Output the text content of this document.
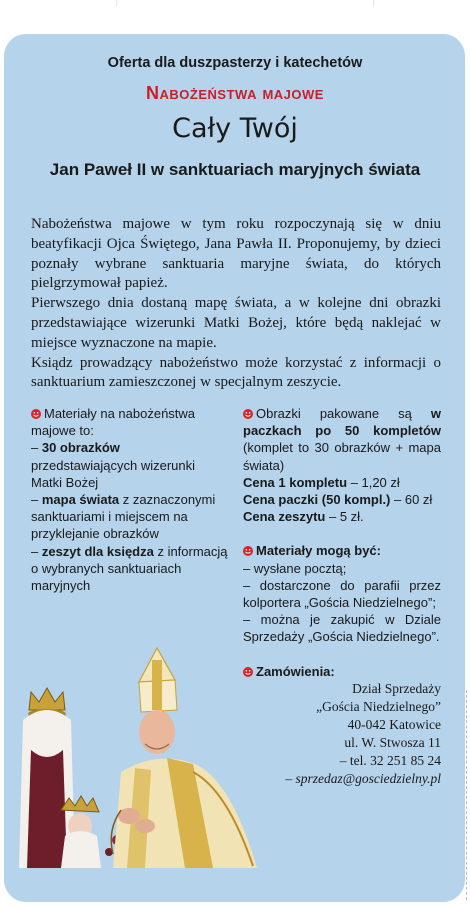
|	|
Oferta dla duszpasterzy i katechetów
Nabożeństwa majowe
Cały Twój
Jan Paweł II w sanktuariach maryjnych świata

Nabożeństwa majowe w tym roku rozpoczynają się w dniu beatyfikacji Ojca Świętego, Jana Pawła II. Proponujemy, by dzieci poznały wybrane sanktuaria maryjne świata, do których pielgrzymował papież.

Pierwszego dnia dostaną mapę świata, a w kolejne dni obrazki przedstawiające wizerunki Matki Bożej, które będą naklejać w miejsce wyznaczone na mapie.

Ksiądz prowadzący nabożeństwo może korzystać z informacji o sanktuarium zamieszczonej w specjalnym zeszycie.

Materiały na nabożeństwa majowe to:

– 30 obrazków przedstawiających wizerunki Matki Bożej

– mapa świata z zaznaczonymi sanktuariami i miejscem na przyklejanie obrazków

– zeszyt dla księdza z informacją o wybranych sanktuariach maryjnych

Obrazki pakowane są w paczkach po 50 kompletów (komplet to 30 obrazków + mapa świata)

Cena 1 kompletu – 1,20 zł

Cena paczki (50 kompl.) – 60 zł

Cena zeszytu – 5 zł.

Materiały mogą być:

– wysłane pocztą;

– dostarczone do parafii przez kolportera „Gościa Niedzielnego”;

– można je zakupić w Dziale Sprzedaży „Gościa Niedzielnego”.

Zamówienia:

Dział Sprzedaży

„Gościa Niedzielnego”

40-042 Katowice

ul. W. Stwosza 11

– tel. 32 251 85 24

– sprzedaz@gosciedzielny.pl
